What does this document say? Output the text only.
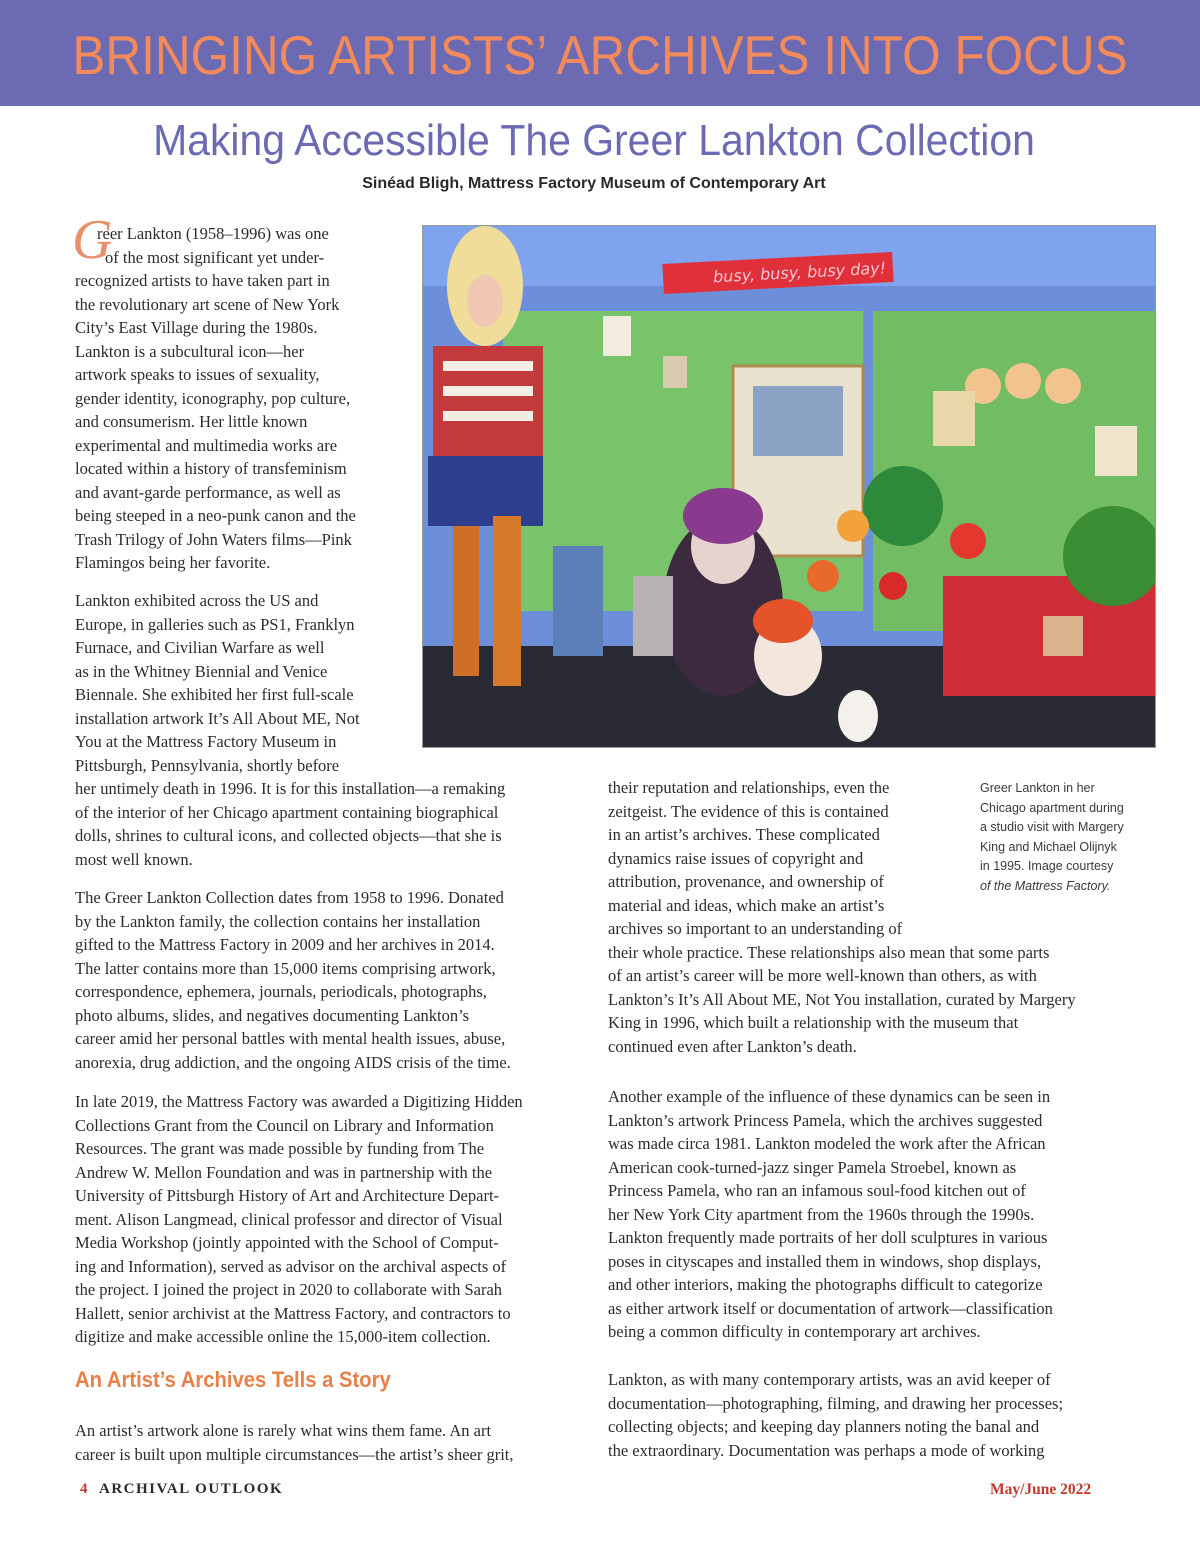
BRINGING ARTISTS’ ARCHIVES INTO FOCUS
Making Accessible The Greer Lankton Collection
Sinéad Bligh, Mattress Factory Museum of Contemporary Art
G

reer Lankton (1958–1996) was one
of the most significant yet under-
recognized artists to have taken part in
the revolutionary art scene of New York
City’s East Village during the 1980s.
Lankton is a subcultural icon—her
artwork speaks to issues of sexuality,
gender identity, iconography, pop culture,
and consumerism. Her little known
experimental and multimedia works are
located within a history of transfeminism
and avant-garde performance, as well as
being steeped in a neo-punk canon and the
Trash Trilogy of John Waters films—Pink
Flamingos being her favorite.

Lankton exhibited across the US and
Europe, in galleries such as PS1, Franklyn
Furnace, and Civilian Warfare as well
as in the Whitney Biennial and Venice
Biennale. She exhibited her first full-scale
installation artwork It’s All About ME, Not
You at the Mattress Factory Museum in
Pittsburgh, Pennsylvania, shortly before
her untimely death in 1996. It is for this installation—a remaking
of the interior of her Chicago apartment containing biographical
dolls, shrines to cultural icons, and collected objects—that she is
most well known.

The Greer Lankton Collection dates from 1958 to 1996. Donated
by the Lankton family, the collection contains her installation
gifted to the Mattress Factory in 2009 and her archives in 2014.
The latter contains more than 15,000 items comprising artwork,
correspondence, ephemera, journals, periodicals, photographs,
photo albums, slides, and negatives documenting Lankton’s
career amid her personal battles with mental health issues, abuse,
anorexia, drug addiction, and the ongoing AIDS crisis of the time.

In late 2019, the Mattress Factory was awarded a Digitizing Hidden
Collections Grant from the Council on Library and Information
Resources. The grant was made possible by funding from The
Andrew W. Mellon Foundation and was in partnership with the
University of Pittsburgh History of Art and Architecture Depart-
ment. Alison Langmead, clinical professor and director of Visual
Media Workshop (jointly appointed with the School of Comput-
ing and Information), served as advisor on the archival aspects of
the project. I joined the project in 2020 to collaborate with Sarah
Hallett, senior archivist at the Mattress Factory, and contractors to
digitize and make accessible online the 15,000-item collection.

An Artist’s Archives Tells a Story

An artist’s artwork alone is rarely what wins them fame. An art
career is built upon multiple circumstances—the artist’s sheer grit,

busy, busy, busy day!
Greer Lankton in her
Chicago apartment during
a studio visit with Margery
King and Michael Olijnyk
in 1995. Image courtesy
of the Mattress Factory.

their reputation and relationships, even the
zeitgeist. The evidence of this is contained
in an artist’s archives. These complicated
dynamics raise issues of copyright and
attribution, provenance, and ownership of
material and ideas, which make an artist’s
archives so important to an understanding of
their whole practice. These relationships also mean that some parts
of an artist’s career will be more well-known than others, as with
Lankton’s It’s All About ME, Not You installation, curated by Margery
King in 1996, which built a relationship with the museum that
continued even after Lankton’s death.

Another example of the influence of these dynamics can be seen in
Lankton’s artwork Princess Pamela, which the archives suggested
was made circa 1981. Lankton modeled the work after the African
American cook-turned-jazz singer Pamela Stroebel, known as
Princess Pamela, who ran an infamous soul-food kitchen out of
her New York City apartment from the 1960s through the 1990s.
Lankton frequently made portraits of her doll sculptures in various
poses in cityscapes and installed them in windows, shop displays,
and other interiors, making the photographs difficult to categorize
as either artwork itself or documentation of artwork—classification
being a common difficulty in contemporary art archives.

Lankton, as with many contemporary artists, was an avid keeper of
documentation—photographing, filming, and drawing her processes;
collecting objects; and keeping day planners noting the banal and
the extraordinary. Documentation was perhaps a mode of working

4 ARCHIVAL OUTLOOK	May/June 2022
